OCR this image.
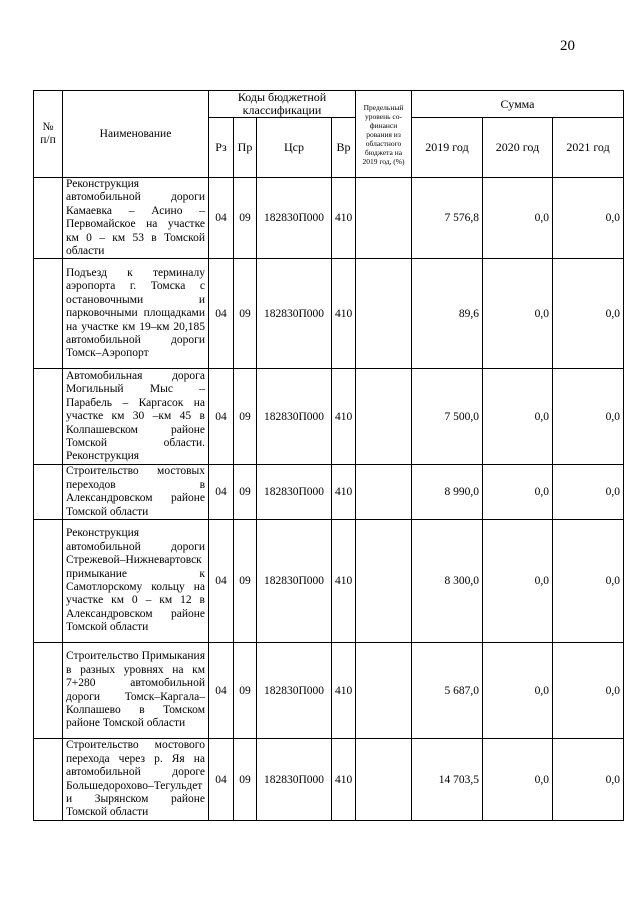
20
№
п/п	Наименование	Коды бюджетной классификации				Предельный уровень со-финанси рования из областного бюджета на 2019 год, (%)	Сумма		
		Рз	Пр	Цср	Вр		2019 год	2020 год	2021 год
	Реконструкция автомобильной дороги Камаевка – Асино – Первомайское на участке км 0 – км 53 в Томской области	04	09	182830П000	410		7 576,8	0,0	0,0
	Подъезд к терминалу аэропорта г. Томска с остановочными и парковочными площадками на участке км 19–км 20,185 автомобильной дороги Томск–Аэропорт	04	09	182830П000	410		89,6	0,0	0,0
	Автомобильная дорога Могильный Мыс – Парабель – Каргасок на участке км 30 –км 45 в Колпашевском районе Томской области. Реконструкция	04	09	182830П000	410		7 500,0	0,0	0,0
	Строительство мостовых переходов в Александровском районе Томской области	04	09	182830П000	410		8 990,0	0,0	0,0
	Реконструкция автомобильной дороги Стрежевой–Нижневартовск примыкание к Самотлорскому кольцу на участке км 0 – км 12 в Александровском районе Томской области	04	09	182830П000	410		8 300,0	0,0	0,0
	Строительство Примыкания в разных уровнях на км 7+280 автомобильной дороги Томск–Каргала–Колпашево в Томском районе Томской области	04	09	182830П000	410		5 687,0	0,0	0,0
	Строительство мостового перехода через р. Яя на автомобильной дороге Большедорохово–Тегульдет и Зырянском районе Томской области	04	09	182830П000	410		14 703,5	0,0	0,0
